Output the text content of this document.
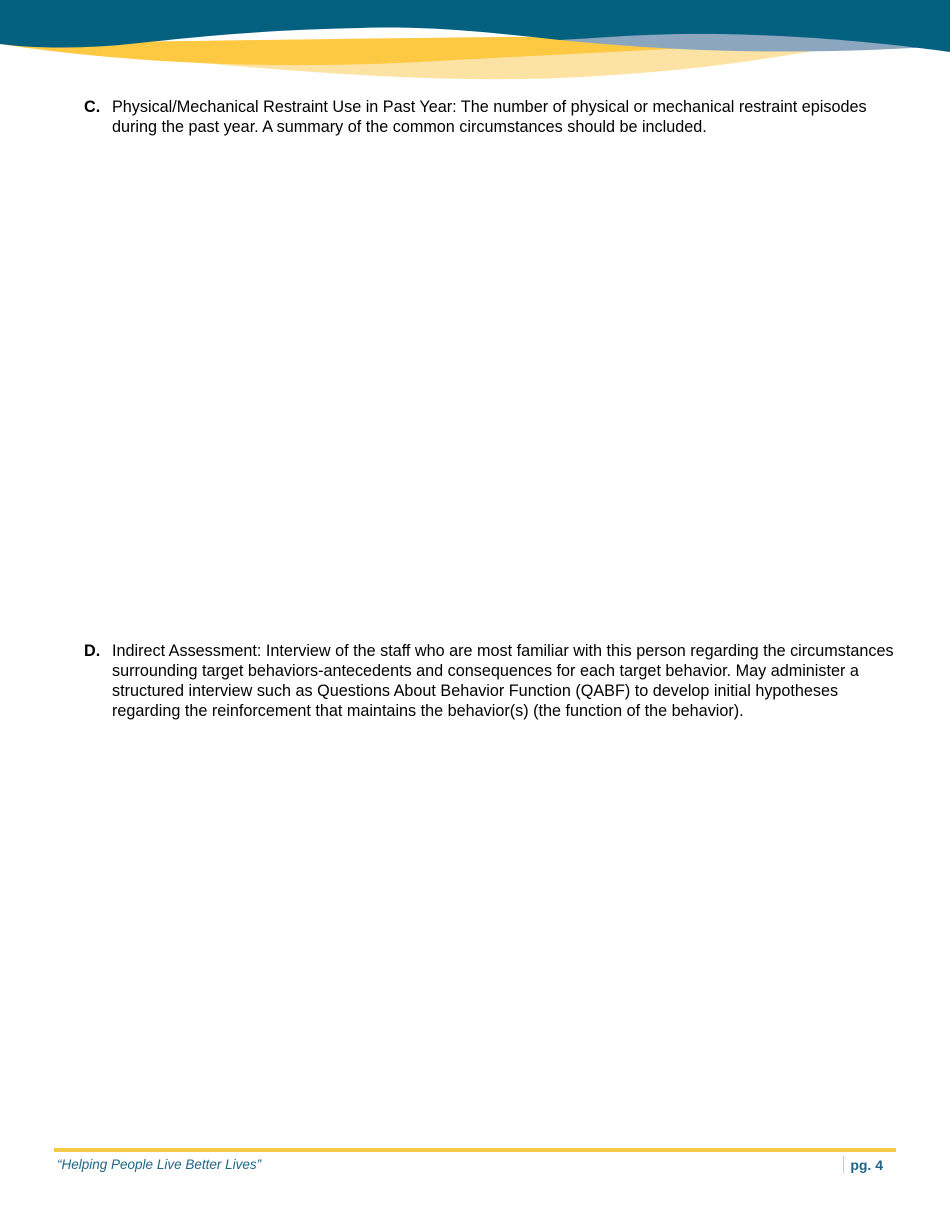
C. Physical/Mechanical Restraint Use in Past Year: The number of physical or mechanical restraint episodes during the past year. A summary of the common circumstances should be included.

D. Indirect Assessment: Interview of the staff who are most familiar with this person regarding the circumstances surrounding target behaviors-antecedents and consequences for each target behavior. May administer a structured interview such as Questions About Behavior Function (QABF) to develop initial hypotheses regarding the reinforcement that maintains the behavior(s) (the function of the behavior).

“Helping People Live Better Lives”	pg. 4
